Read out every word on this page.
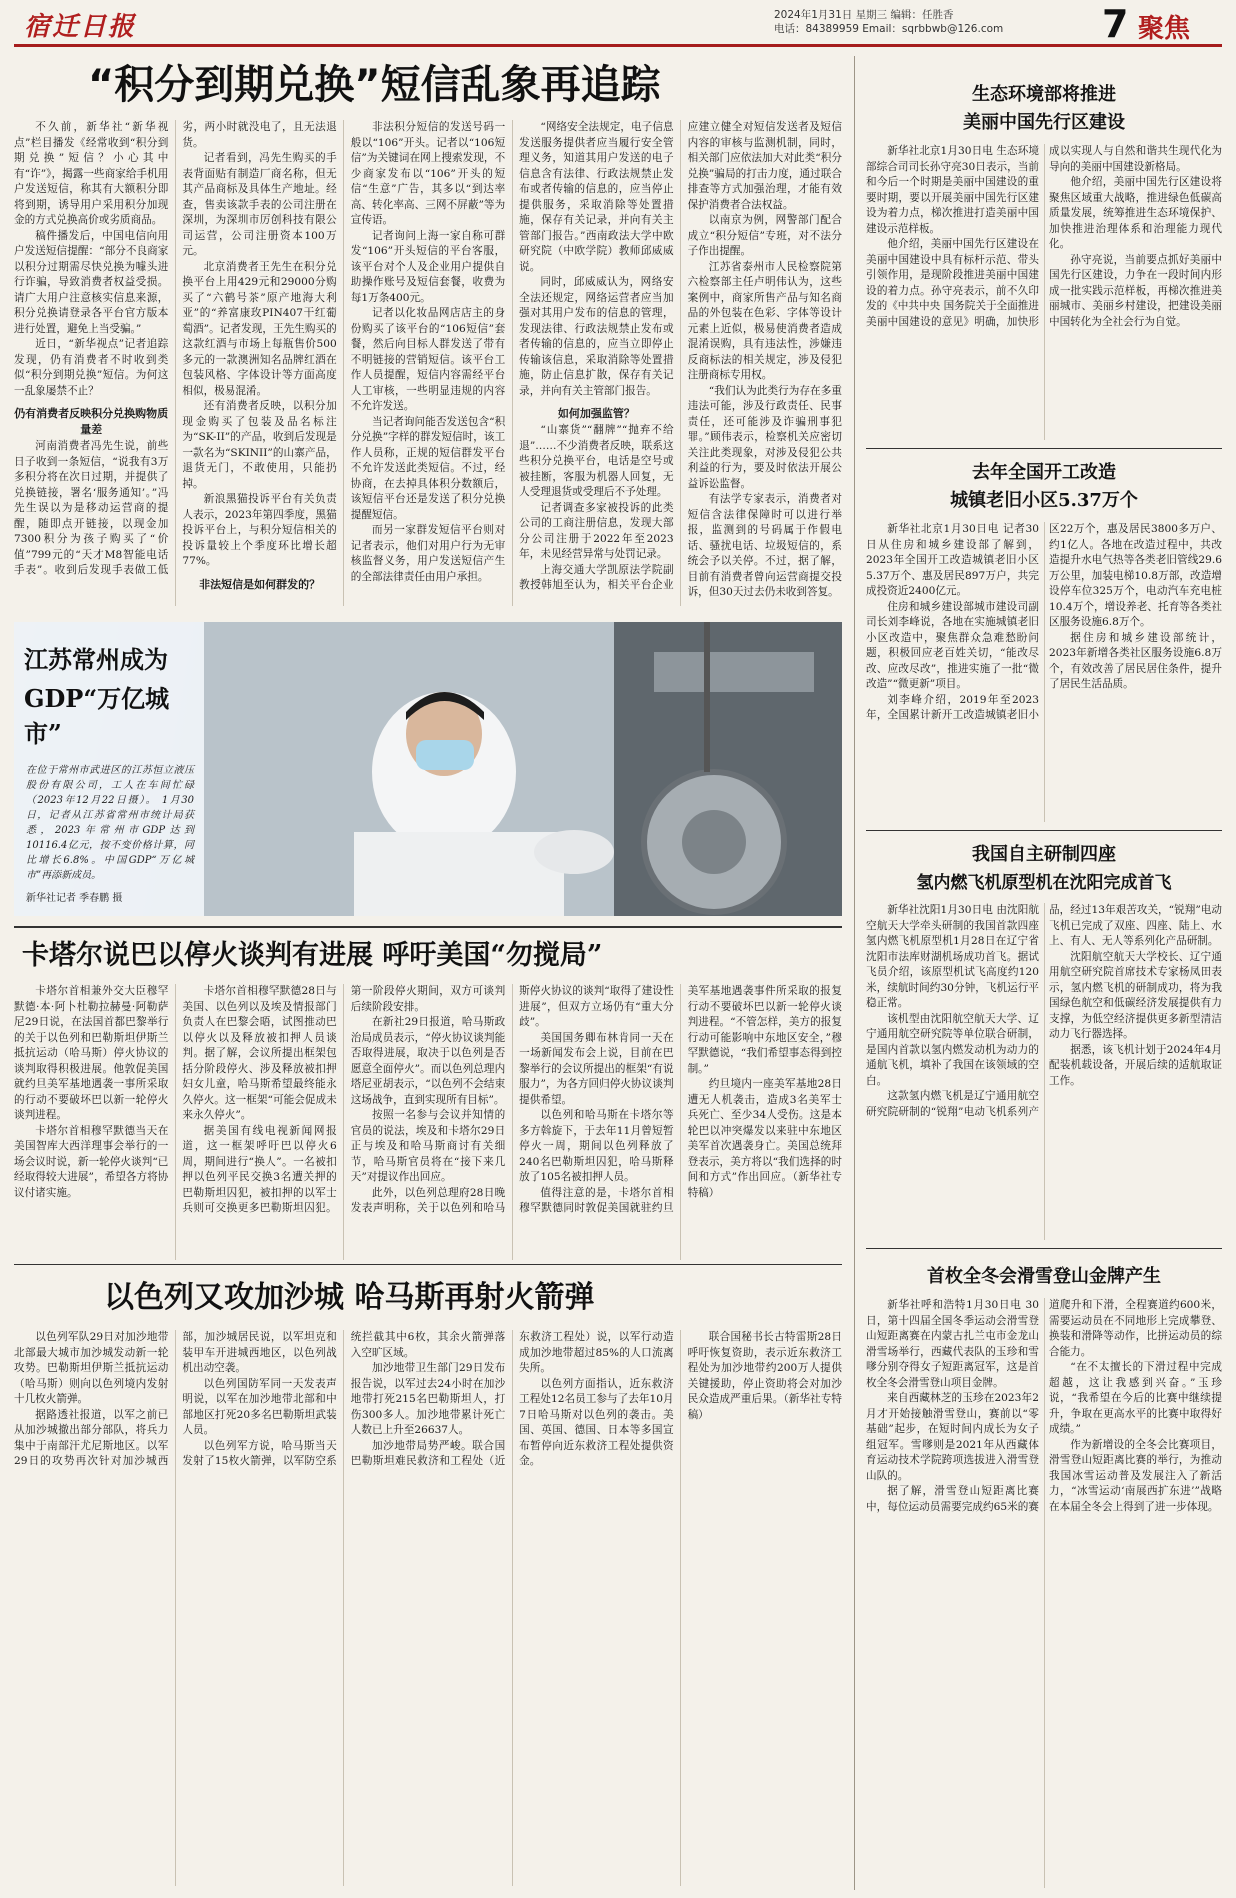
宿迁日报	2024年1月31日 星期三 编辑：任胜香
电话：84389959 Email：sqrbbwb@126.com	7 聚焦
“积分到期兑换”短信乱象再追踪

不久前，新华社“新华视点”栏目播发《经常收到“积分到期兑换”短信？小心其中有“诈”》，揭露一些商家给手机用户发送短信，称其有大额积分即将到期，诱导用户采用积分加现金的方式兑换高价或劣质商品。

稿件播发后，中国电信向用户发送短信提醒：“部分不良商家以积分过期需尽快兑换为噱头进行诈骗，导致消费者权益受损。请广大用户注意核实信息来源，积分兑换请登录各平台官方版本进行处置，避免上当受骗。”

近日，“新华视点”记者追踪发现，仍有消费者不时收到类似“积分到期兑换”短信。为何这一乱象屡禁不止？

仍有消费者反映积分兑换购物质量差

河南消费者冯先生说，前些日子收到一条短信，“说我有3万多积分将在次日过期，并提供了兑换链接，署名‘服务通知’。”冯先生误以为是移动运营商的提醒，随即点开链接，以现金加7300积分为孩子购买了“价值”799元的“天才M8智能电话手表”。收到后发现手表做工低劣，两小时就没电了，且无法退货。

记者看到，冯先生购买的手表背面贴有制造厂商名称，但无其产品商标及具体生产地址。经查，售卖该款手表的公司注册在深圳，为深圳市厉创科技有限公司运营，公司注册资本100万元。

北京消费者王先生在积分兑换平台上用429元和29000分购买了“六鹤号茶”原产地海大利亚”的“养富康玫PIN407干红葡萄酒”。记者发现，王先生购买的这款红酒与市场上每瓶售价500多元的一款澳洲知名品牌红酒在包装风格、字体设计等方面高度相似，极易混淆。

还有消费者反映，以积分加现金购买了包装及品名标注为“SK-II”的产品，收到后发现是一款名为“SKINII”的山寨产品，退货无门，不敢使用，只能扔掉。

新浪黑猫投诉平台有关负责人表示，2023年第四季度，黑猫投诉平台上，与积分短信相关的投诉量较上个季度环比增长超77%。

非法短信是如何群发的？

非法积分短信的发送号码一般以“106”开头。记者以“106短信”为关键词在网上搜索发现，不少商家发布以“106”开头的短信“生意”广告，其多以“到达率高、转化率高、三网不屏蔽”等为宣传语。

记者询问上海一家自称可群发“106”开头短信的平台客服，该平台对个人及企业用户提供自助操作账号及短信套餐，收费为每1万条400元。

记者以化妆品网店店主的身份购买了该平台的“106短信”套餐，然后向目标人群发送了带有不明链接的营销短信。该平台工作人员提醒，短信内容需经平台人工审核，一些明显违规的内容不允许发送。

当记者询问能否发送包含“积分兑换”字样的群发短信时，该工作人员称，正规的短信群发平台不允许发送此类短信。不过，经协商，在去掉具体积分数额后，该短信平台还是发送了积分兑换提醒短信。

而另一家群发短信平台则对记者表示，他们对用户行为无审核监督义务，用户发送短信产生的全部法律责任由用户承担。

“网络安全法规定，电子信息发送服务提供者应当履行安全管理义务，知道其用户发送的电子信息含有法律、行政法规禁止发布或者传输的信息的，应当停止提供服务，采取消除等处置措施，保存有关记录，并向有关主管部门报告。”西南政法大学中欧研究院（中欧学院）教师邱威威说。

同时，邱威威认为，网络安全法还规定，网络运营者应当加强对其用户发布的信息的管理，发现法律、行政法规禁止发布或者传输的信息的，应当立即停止传输该信息，采取消除等处置措施，防止信息扩散，保存有关记录，并向有关主管部门报告。

如何加强监管？

“山寨货”“翻牌”“抛弃不给退”……不少消费者反映，联系这些积分兑换平台，电话是空号或被挂断，客服为机器人回复，无人受理退货或受理后不予处理。

记者调查多家被投诉的此类公司的工商注册信息，发现大部分公司注册于2022年至2023年，未见经营异常与处罚记录。

上海交通大学凯原法学院副教授韩旭至认为，相关平台企业应建立健全对短信发送者及短信内容的审核与监测机制，同时，相关部门应依法加大对此类“积分兑换”骗局的打击力度，通过联合排查等方式加强治理，才能有效保护消费者合法权益。

以南京为例，网警部门配合成立“积分短信”专班，对不法分子作出提醒。

江苏省泰州市人民检察院第六检察部主任卢明伟认为，这些案例中，商家所售产品与知名商品的外包装在色彩、字体等设计元素上近似，极易使消费者造成混淆误购，具有违法性，涉嫌违反商标法的相关规定，涉及侵犯注册商标专用权。

“我们认为此类行为存在多重违法可能，涉及行政责任、民事责任，还可能涉及诈骗刑事犯罪。”顾伟表示，检察机关应密切关注此类现象，对涉及侵犯公共利益的行为，要及时依法开展公益诉讼监督。

有法学专家表示，消费者对短信含法律保障时可以进行举报，监测到的号码属于作假电话、骚扰电话、垃圾短信的，系统会予以关停。不过，据了解，目前有消费者曾向运营商提交投诉，但30天过去仍未收到答复。

江苏常州成为
GDP“万亿城市”
在位于常州市武进区的江苏恒立液压股份有限公司，工人在车间忙碌（2023年12月22日摄）。 1月30日，记者从江苏省常州市统计局获悉，2023年常州市GDP达到10116.4亿元，按不变价格计算，同比增长6.8%。中国GDP“万亿城市”再添新成员。
新华社记者 季春鹏 摄
卡塔尔说巴以停火谈判有进展 呼吁美国“勿搅局”

卡塔尔首相兼外交大臣穆罕默德·本·阿卜杜勒拉赫曼·阿勒萨尼29日说，在法国首都巴黎举行的关于以色列和巴勒斯坦伊斯兰抵抗运动（哈马斯）停火协议的谈判取得积极进展。他敦促美国就约旦美军基地遇袭一事所采取的行动不要破坏巴以新一轮停火谈判进程。

卡塔尔首相穆罕默德当天在美国智库大西洋理事会举行的一场会议时说，新一轮停火谈判“已经取得较大进展”，希望各方将协议付诸实施。

卡塔尔首相穆罕默德28日与美国、以色列以及埃及情报部门负责人在巴黎会晤，试图推动巴以停火以及释放被扣押人员谈判。据了解，会议所提出框架包括分阶段停火、涉及释放被扣押妇女儿童，哈马斯希望最终能永久停火。这一框架“可能会促成未来永久停火”。

据美国有线电视新闻网报道，这一框架呼吁巴以停火6周，期间进行“换人”。一名被扣押以色列平民交换3名遭关押的巴勒斯坦囚犯，被扣押的以军士兵则可交换更多巴勒斯坦囚犯。第一阶段停火期间，双方可谈判后续阶段安排。

在新社29日报道，哈马斯政治局成员表示，“停火协议谈判能否取得进展，取决于以色列是否愿意全面停火”。而以色列总理内塔尼亚胡表示，“以色列不会结束这场战争，直到实现所有目标”。

按照一名参与会议并知情的官员的说法，埃及和卡塔尔29日正与埃及和哈马斯商讨有关细节，哈马斯官员将在“接下来几天”对提议作出回应。

此外，以色列总理府28日晚发表声明称，关于以色列和哈马斯停火协议的谈判“取得了建设性进展”，但双方立场仍有“重大分歧”。

美国国务卿布林肯同一天在一场新闻发布会上说，目前在巴黎举行的会议所提出的框架“有说服力”，为各方回归停火协议谈判提供希望。

以色列和哈马斯在卡塔尔等多方斡旋下，于去年11月曾短暂停火一周，期间以色列释放了240名巴勒斯坦囚犯，哈马斯释放了105名被扣押人员。

值得注意的是，卡塔尔首相穆罕默德同时敦促美国就驻约旦美军基地遇袭事件所采取的报复行动不要破坏巴以新一轮停火谈判进程。“不管怎样，美方的报复行动可能影响中东地区安全，”穆罕默德说，“我们希望事态得到控制。”

约旦境内一座美军基地28日遭无人机袭击，造成3名美军士兵死亡、至少34人受伤。这是本轮巴以冲突爆发以来驻中东地区美军首次遇袭身亡。美国总统拜登表示，美方将以“我们选择的时间和方式”作出回应。（新华社专特稿）

以色列又攻加沙城 哈马斯再射火箭弹

以色列军队29日对加沙地带北部最大城市加沙城发动新一轮攻势。巴勒斯坦伊斯兰抵抗运动（哈马斯）则向以色列境内发射十几枚火箭弹。

据路透社报道，以军之前已从加沙城撤出部分部队，将兵力集中于南部汗尤尼斯地区。以军29日的攻势再次针对加沙城西部，加沙城居民说，以军坦克和装甲车开进城西地区，以色列战机出动空袭。

以色列国防军同一天发表声明说，以军在加沙地带北部和中部地区打死20多名巴勒斯坦武装人员。

以色列军方说，哈马斯当天发射了15枚火箭弹，以军防空系统拦截其中6枚，其余火箭弹落入空旷区域。

加沙地带卫生部门29日发布报告说，以军过去24小时在加沙地带打死215名巴勒斯坦人，打伤300多人。加沙地带累计死亡人数已上升至26637人。

加沙地带局势严峻。联合国巴勒斯坦难民救济和工程处（近东救济工程处）说，以军行动造成加沙地带超过85%的人口流离失所。

以色列方面指认，近东救济工程处12名员工参与了去年10月7日哈马斯对以色列的袭击。美国、英国、德国、日本等多国宣布暂停向近东救济工程处提供资金。

联合国秘书长古特雷斯28日呼吁恢复资助，表示近东救济工程处为加沙地带约200万人提供关键援助，停止资助将会对加沙民众造成严重后果。（新华社专特稿）

生态环境部将推进
美丽中国先行区建设

新华社北京1月30日电 生态环境部综合司司长孙守亮30日表示，当前和今后一个时期是美丽中国建设的重要时期，要以开展美丽中国先行区建设为着力点，梯次推进打造美丽中国建设示范样板。

他介绍，美丽中国先行区建设在美丽中国建设中具有标杆示范、带头引领作用，是现阶段推进美丽中国建设的着力点。孙守亮表示，前不久印发的《中共中央 国务院关于全面推进美丽中国建设的意见》明确，加快形成以实现人与自然和谐共生现代化为导向的美丽中国建设新格局。

他介绍，美丽中国先行区建设将聚焦区域重大战略，推进绿色低碳高质量发展，统筹推进生态环境保护、加快推进治理体系和治理能力现代化。

孙守亮说，当前要点抓好美丽中国先行区建设，力争在一段时间内形成一批实践示范样板，再梯次推进美丽城市、美丽乡村建设，把建设美丽中国转化为全社会行为自觉。

去年全国开工改造
城镇老旧小区5.37万个

新华社北京1月30日电 记者30日从住房和城乡建设部了解到，2023年全国开工改造城镇老旧小区5.37万个、惠及居民897万户，共完成投资近2400亿元。

住房和城乡建设部城市建设司副司长刘李峰说，各地在实施城镇老旧小区改造中，聚焦群众急难愁盼问题，积极回应老百姓关切，“能改尽改、应改尽改”，推进实施了一批“微改造”“微更新”项目。

刘李峰介绍，2019年至2023年，全国累计新开工改造城镇老旧小区22万个，惠及居民3800多万户、约1亿人。各地在改造过程中，共改造提升水电气热等各类老旧管线29.6万公里，加装电梯10.8万部，改造增设停车位325万个，电动汽车充电桩10.4万个，增设养老、托育等各类社区服务设施6.8万个。

据住房和城乡建设部统计，2023年新增各类社区服务设施6.8万个，有效改善了居民居住条件，提升了居民生活品质。

我国自主研制四座
氢内燃飞机原型机在沈阳完成首飞

新华社沈阳1月30日电 由沈阳航空航天大学牵头研制的我国首款四座氢内燃飞机原型机1月28日在辽宁省沈阳市法库财湖机场成功首飞。据试飞员介绍，该原型机试飞高度约120米，续航时间约30分钟，飞机运行平稳正常。

该机型由沈阳航空航天大学、辽宁通用航空研究院等单位联合研制，是国内首款以氢内燃发动机为动力的通航飞机，填补了我国在该领域的空白。

这款氢内燃飞机是辽宁通用航空研究院研制的“锐翔”电动飞机系列产品，经过13年艰苦攻关，“锐翔”电动飞机已完成了双座、四座、陆上、水上、有人、无人等系列化产品研制。

沈阳航空航天大学校长、辽宁通用航空研究院首席技术专家杨凤田表示，氢内燃飞机的研制成功，将为我国绿色航空和低碳经济发展提供有力支撑，为低空经济提供更多新型清洁动力飞行器选择。

据悉，该飞机计划于2024年4月配装机载设备，开展后续的适航取证工作。

首枚全冬会滑雪登山金牌产生

新华社呼和浩特1月30日电 30日，第十四届全国冬季运动会滑雪登山短距离赛在内蒙古扎兰屯市金龙山滑雪场举行，西藏代表队的玉珍和雪嗲分别夺得女子短距离冠军，这是首枚全冬会滑雪登山项目金牌。

来自西藏林芝的玉珍在2023年2月才开始接触滑雪登山，赛前以“零基础”起步，在短时间内成长为女子组冠军。雪嗲则是2021年从西藏体育运动技术学院跨项选拔进入滑雪登山队的。

据了解，滑雪登山短距离比赛中，每位运动员需要完成约65米的赛道爬升和下滑，全程赛道约600米，需要运动员在不同地形上完成攀登、换装和滑降等动作，比拼运动员的综合能力。

“在不太擅长的下滑过程中完成超越，这让我感到兴奋。”玉珍说，“我希望在今后的比赛中继续提升，争取在更高水平的比赛中取得好成绩。”

作为新增设的全冬会比赛项目，滑雪登山短距离比赛的举行，为推动我国冰雪运动普及发展注入了新活力，“冰雪运动‘南展西扩东进’”战略在本届全冬会上得到了进一步体现。
